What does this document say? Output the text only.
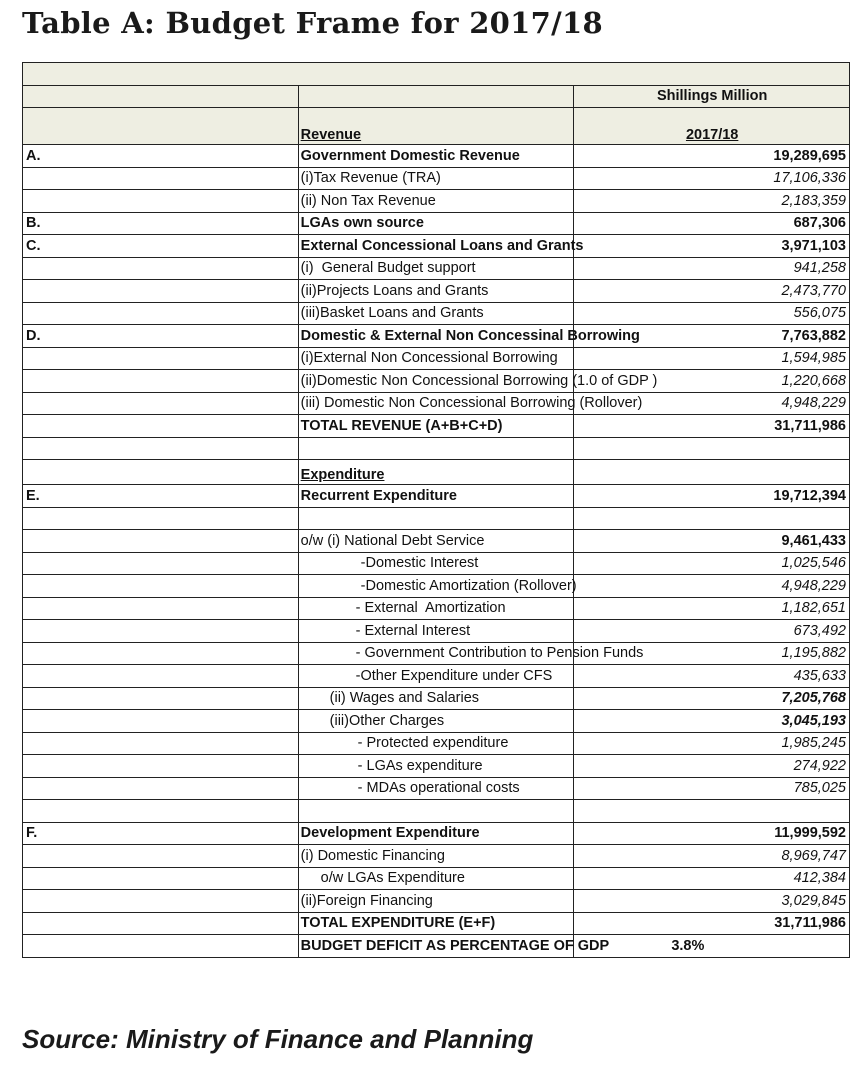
Table A: Budget Frame for 2017/18

		Shillings Million
	Revenue	2017/18
A.	Government Domestic Revenue	19,289,695
	(i)Tax Revenue (TRA)	17,106,336
	(ii) Non Tax Revenue	2,183,359
B.	LGAs own source	687,306
C.	External Concessional Loans and Grants	3,971,103
	(i)  General Budget support	941,258
	(ii)Projects Loans and Grants	2,473,770
	(iii)Basket Loans and Grants	556,075
D.	Domestic & External Non Concessinal Borrowing	7,763,882
	(i)External Non Concessional Borrowing	1,594,985
	(ii)Domestic Non Concessional Borrowing (1.0 of GDP )	1,220,668
	(iii) Domestic Non Concessional Borrowing (Rollover)	4,948,229
	TOTAL REVENUE (A+B+C+D)	31,711,986

	Expenditure	
E.	Recurrent Expenditure	19,712,394

	o/w (i) National Debt Service	9,461,433
	-Domestic Interest	1,025,546
	-Domestic Amortization (Rollover)	4,948,229
	- External  Amortization	1,182,651
	- External Interest	673,492
	- Government Contribution to Pension Funds	1,195,882
	-Other Expenditure under CFS	435,633
	(ii) Wages and Salaries	7,205,768
	(iii)Other Charges	3,045,193
	- Protected expenditure	1,985,245
	- LGAs expenditure	274,922
	- MDAs operational costs	785,025

F.	Development Expenditure	11,999,592
	(i) Domestic Financing	8,969,747
	o/w LGAs Expenditure	412,384
	(ii)Foreign Financing	3,029,845
	TOTAL EXPENDITURE (E+F)	31,711,986
	BUDGET DEFICIT AS PERCENTAGE OF GDP	3.8%
Source: Ministry of Finance and Planning
